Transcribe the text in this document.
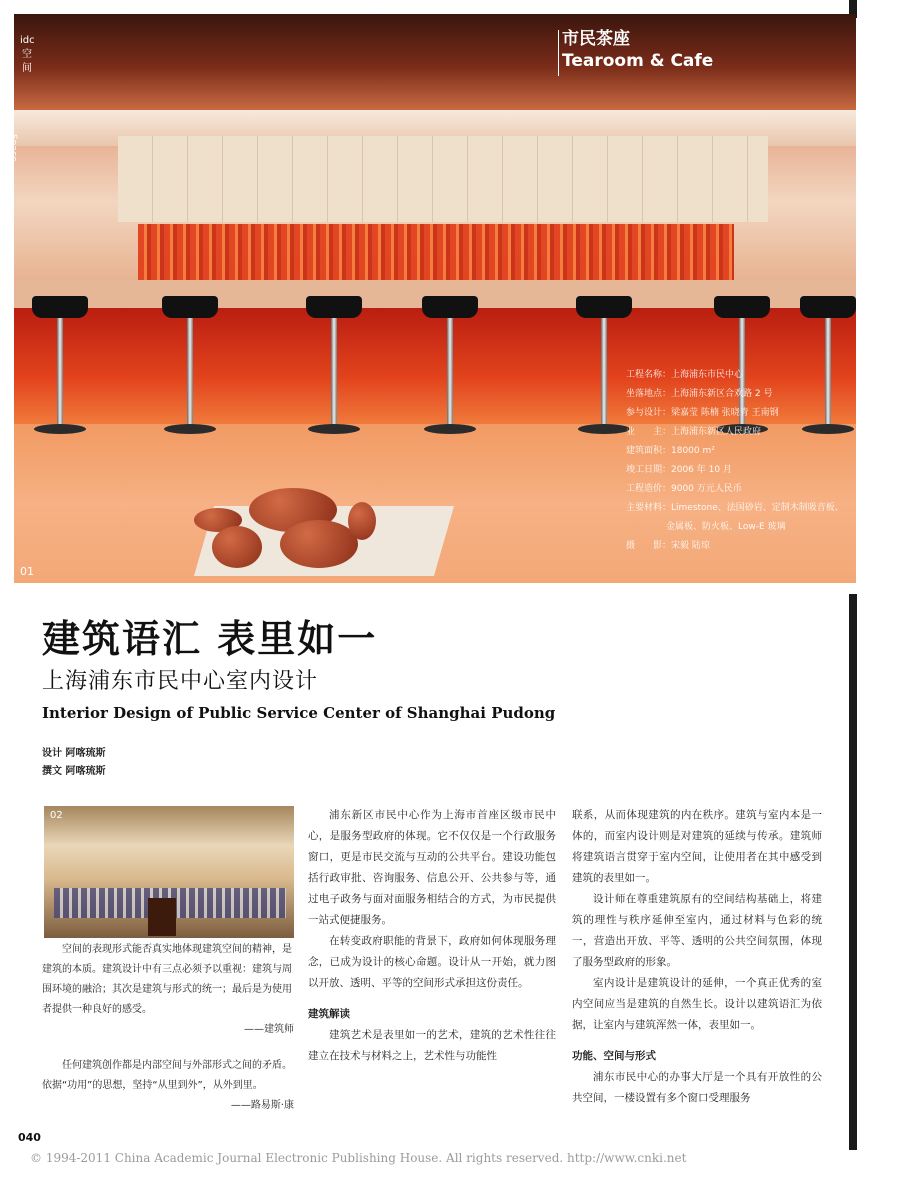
市民茶座
Tearoom & Cafe
idc
空
间
Space
工程名称：上海浦东市民中心
坐落地点：上海浦东新区合欢路 2 号
参与设计：梁嘉莹 陈楠 张晓青 王南钢
业　　主：上海浦东新区人民政府
建筑面积：18000 m²
竣工日期：2006 年 10 月
工程造价：9000 万元人民币
主要材料：Limestone、法国砂岩、定制木制吸音板、
金属板、防火板、Low-E 玻璃
摄　　影：宋毅 陆琼
01
建筑语汇 表里如一
上海浦东市民中心室内设计
Interior Design of Public Service Center of Shanghai Pudong
设计 阿喀琉斯
撰文 阿喀琉斯
02
空间的表现形式能否真实地体现建筑空间的精神，是建筑的本质。建筑设计中有三点必须予以重视：建筑与周围环境的融洽；其次是建筑与形式的统一；最后是为使用者提供一种良好的感受。
——建筑师
任何建筑创作都是内部空间与外部形式之间的矛盾。依据“功用”的思想，坚持“从里到外”，从外到里。
——路易斯·康

浦东新区市民中心作为上海市首座区级市民中心，是服务型政府的体现。它不仅仅是一个行政服务窗口，更是市民交流与互动的公共平台。建设功能包括行政审批、咨询服务、信息公开、公共参与等，通过电子政务与面对面服务相结合的方式，为市民提供一站式便捷服务。

在转变政府职能的背景下，政府如何体现服务理念，已成为设计的核心命题。设计从一开始，就力图以开放、透明、平等的空间形式承担这份责任。

建筑解读

建筑艺术是表里如一的艺术，建筑的艺术性往往建立在技术与材料之上，艺术性与功能性

联系，从而体现建筑的内在秩序。建筑与室内本是一体的，而室内设计则是对建筑的延续与传承。建筑师将建筑语言贯穿于室内空间，让使用者在其中感受到建筑的表里如一。

设计师在尊重建筑原有的空间结构基础上，将建筑的理性与秩序延伸至室内，通过材料与色彩的统一，营造出开放、平等、透明的公共空间氛围，体现了服务型政府的形象。

室内设计是建筑设计的延伸，一个真正优秀的室内空间应当是建筑的自然生长。设计以建筑语汇为依据，让室内与建筑浑然一体，表里如一。

功能、空间与形式

浦东市民中心的办事大厅是一个具有开放性的公共空间，一楼设置有多个窗口受理服务

040
© 1994-2011 China Academic Journal Electronic Publishing House. All rights reserved. http://www.cnki.net
